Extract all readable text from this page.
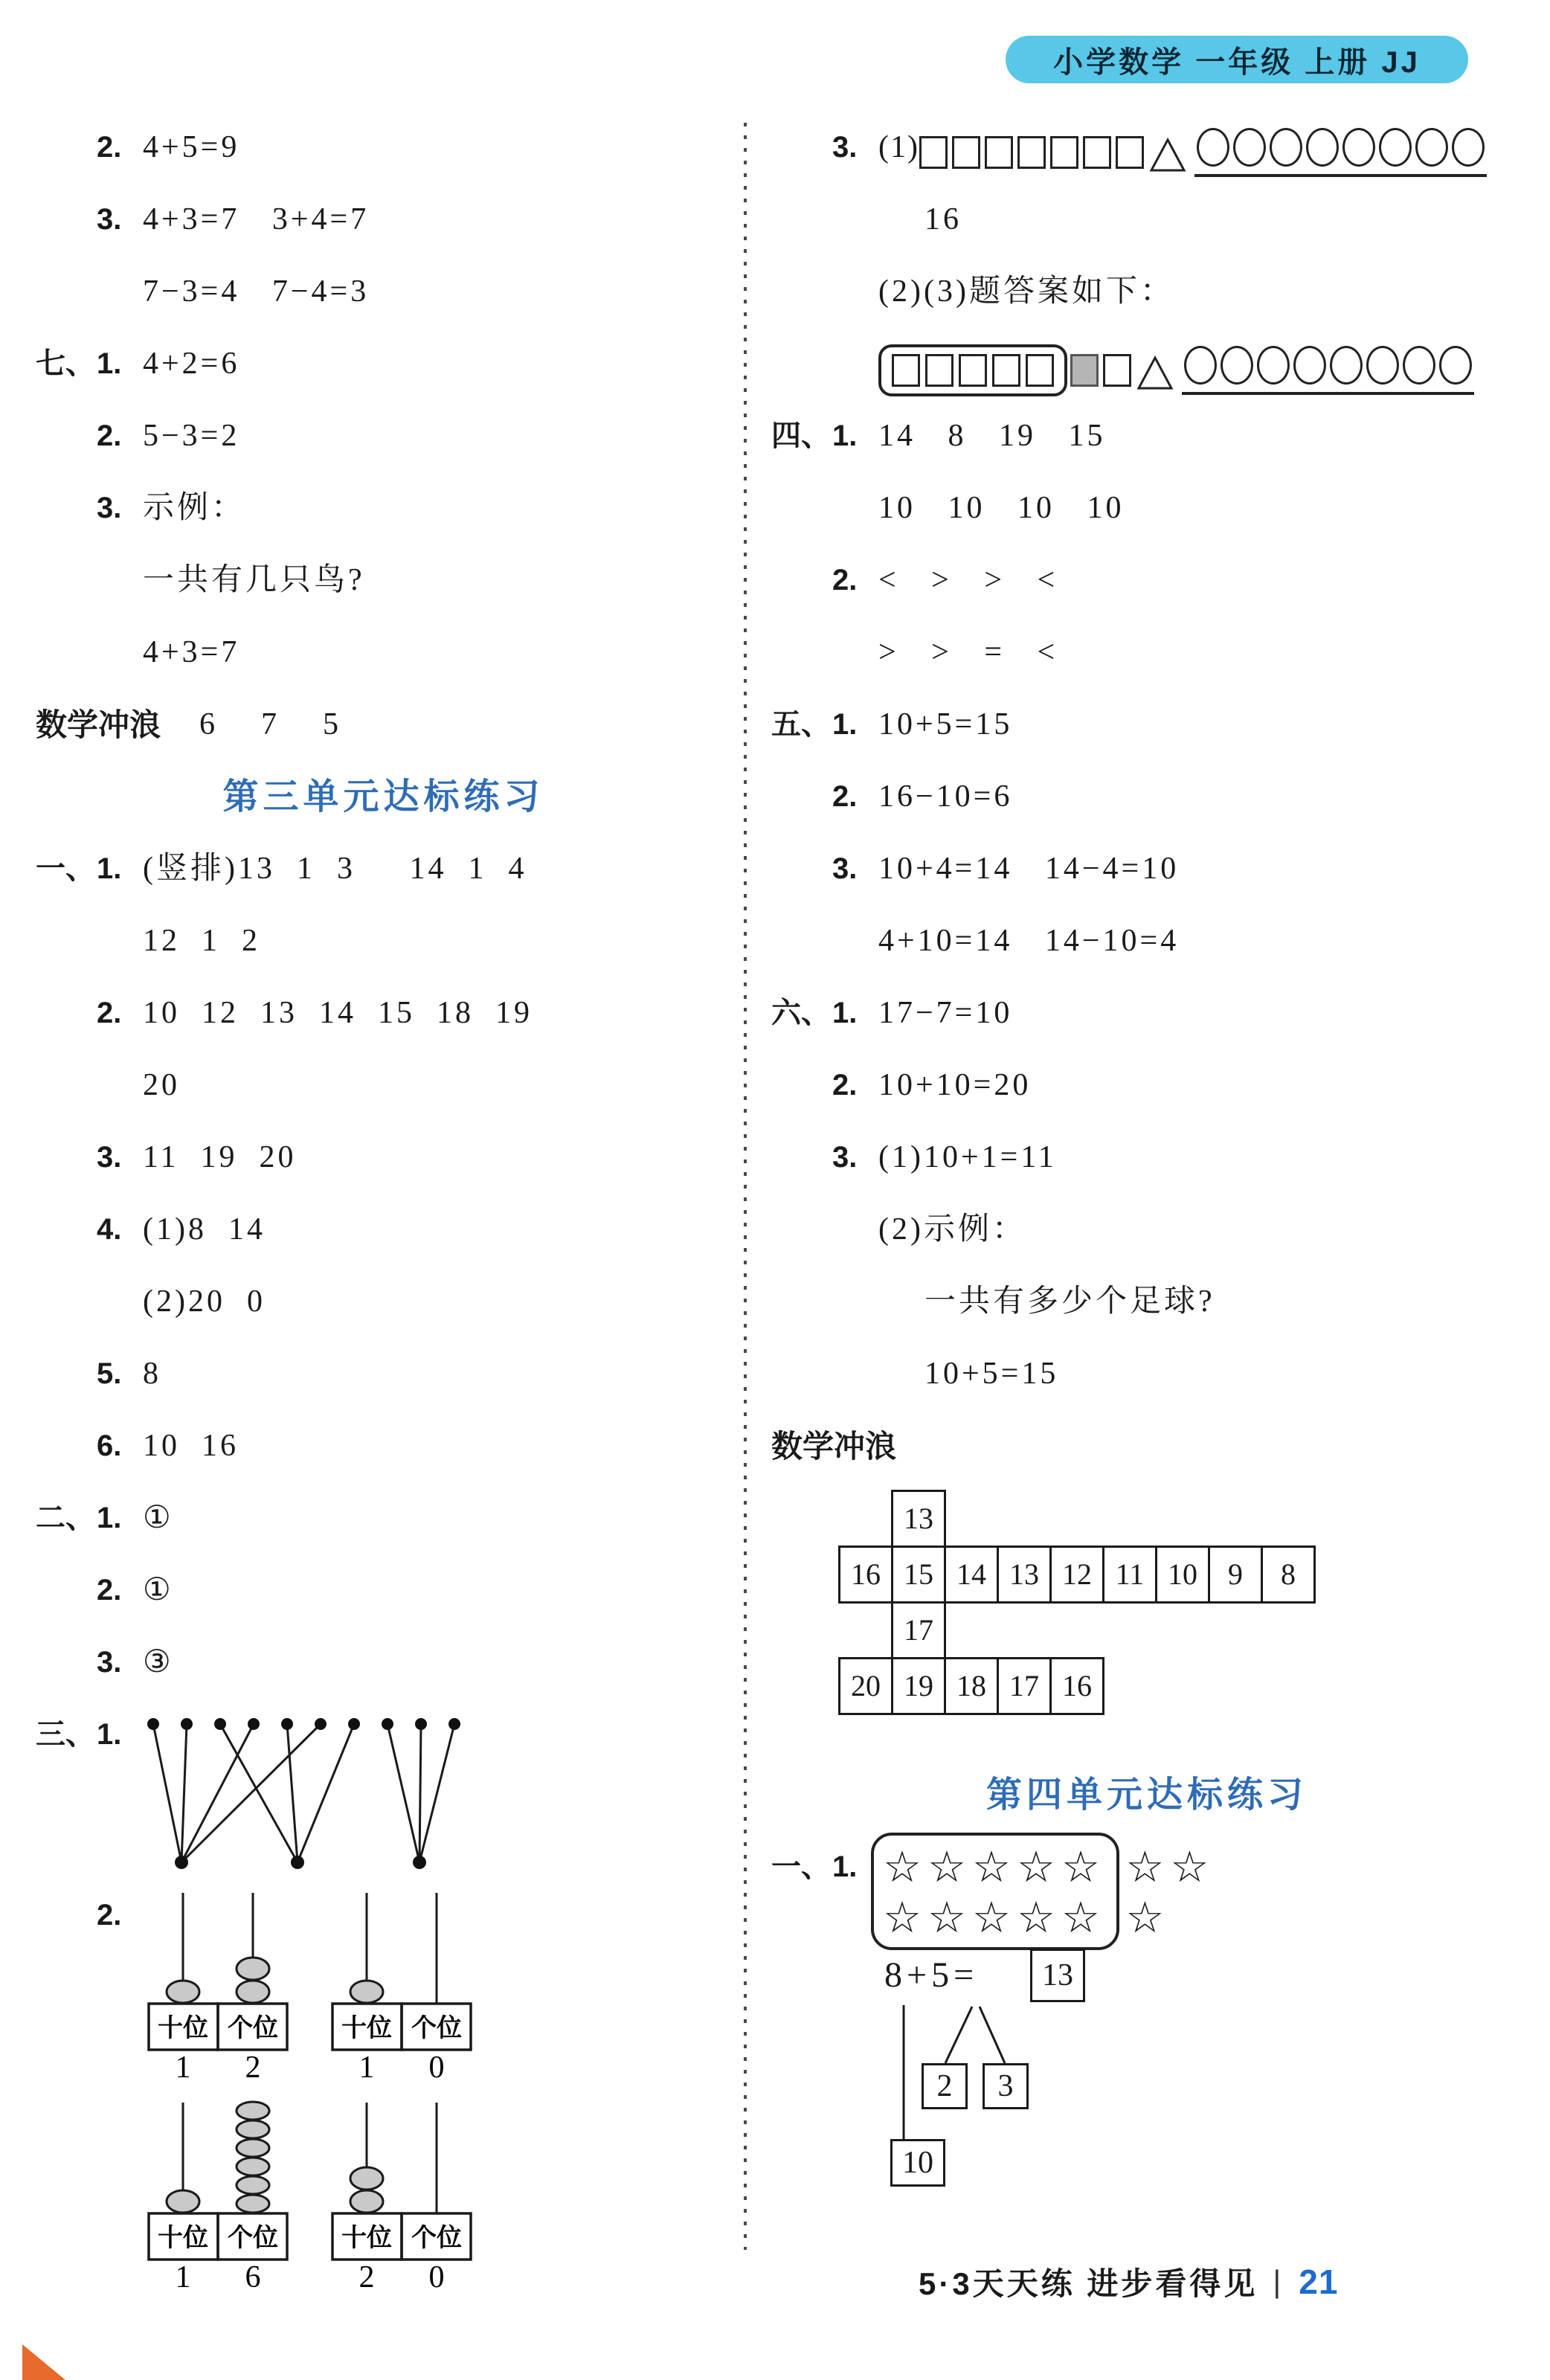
小学数学 一年级 上册 JJ
2. 4+5=9
3. 4+3=7   3+4=7
7−3=4   7−4=3
七、 1. 4+2=6
2. 5−3=2
3. 示例：
一共有几只鸟?
4+3=7
数学冲浪 6    7    5
第三单元达标练习
一、 1. (竖排)13  1  3     14  1  4
12  1  2
2. 10  12  13  14  15  18  19
20
3. 11  19  20
4. (1)8  14
(2)20  0
5. 8
6. 10  16
二、 1. ①
2. ①
3. ③
三、 1.
2.
十位 个位
1 2
十位 个位
1 0
十位 个位
1 6
十位 个位
2 0
3. (1)
16
(2)(3)题答案如下：
四、 1. 14   8   19   15
10   10   10   10
2. <   >   >   <
>   >   =   <
五、 1. 10+5=15
2. 16−10=6
3. 10+4=14   14−4=10
4+10=14   14−10=4
六、 1. 17−7=10
2. 10+10=20
3. (1)10+1=11
(2)示例：
一共有多少个足球?
10+5=15
数学冲浪
13
16 15 14 13 12 11 10	9	8
17
20 19 18 17 16
第四单元达标练习
一、 1. ☆☆☆☆☆ ☆☆
☆☆☆☆☆ ☆
8+5=	13
2	3
10
5·3天天练 进步看得见 | 21
